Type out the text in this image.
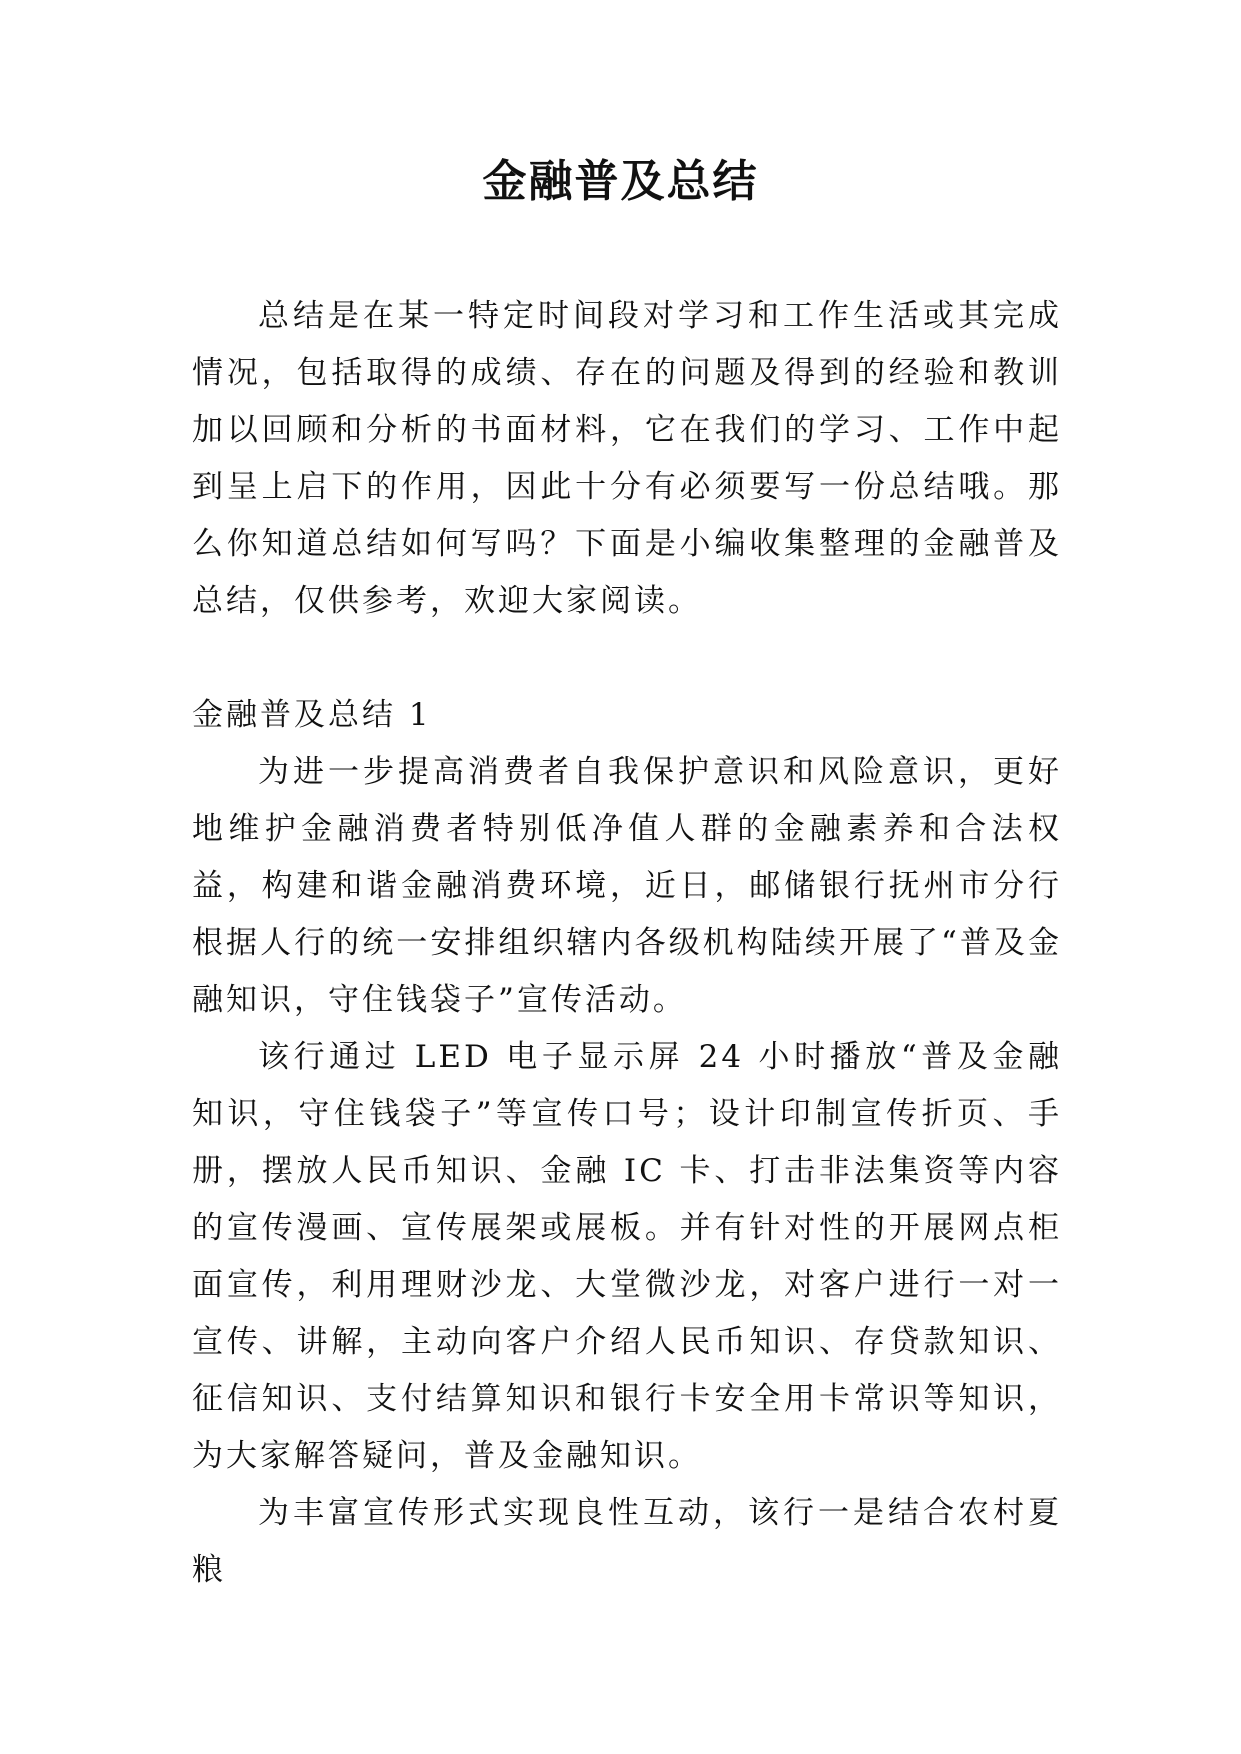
金融普及总结

总结是在某一特定时间段对学习和工作生活或其完成情况，包括取得的成绩、存在的问题及得到的经验和教训加以回顾和分析的书面材料，它在我们的学习、工作中起到呈上启下的作用，因此十分有必须要写一份总结哦。那么你知道总结如何写吗？下面是小编收集整理的金融普及总结，仅供参考，欢迎大家阅读。

金融普及总结 1

为进一步提高消费者自我保护意识和风险意识，更好地维护金融消费者特别低净值人群的金融素养和合法权益，构建和谐金融消费环境，近日，邮储银行抚州市分行根据人行的统一安排组织辖内各级机构陆续开展了“普及金融知识，守住钱袋子”宣传活动。

该行通过 LED 电子显示屏 24 小时播放“普及金融知识，守住钱袋子”等宣传口号；设计印制宣传折页、手册，摆放人民币知识、金融 IC 卡、打击非法集资等内容的宣传漫画、宣传展架或展板。并有针对性的开展网点柜面宣传，利用理财沙龙、大堂微沙龙，对客户进行一对一宣传、讲解，主动向客户介绍人民币知识、存贷款知识、征信知识、支付结算知识和银行卡安全用卡常识等知识，为大家解答疑问，普及金融知识。

为丰富宣传形式实现良性互动，该行一是结合农村夏粮
